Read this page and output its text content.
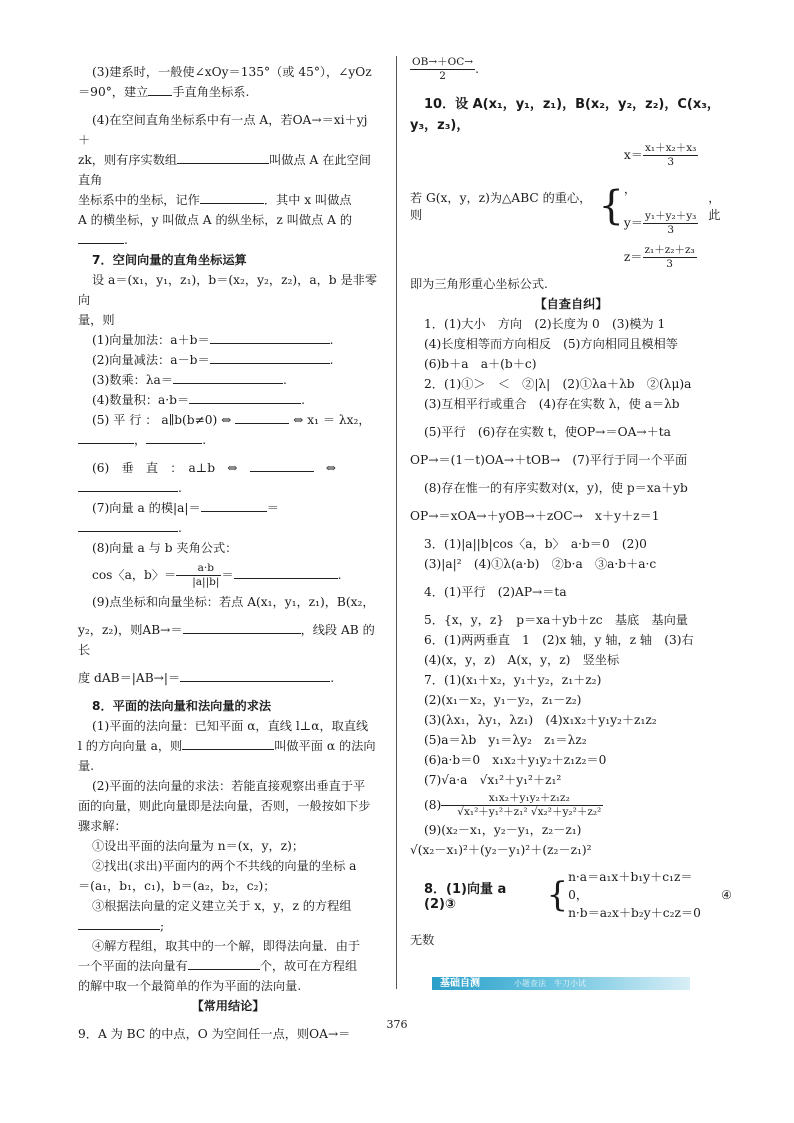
(3)建系时，一般使∠xOy＝135°（或 45°），∠yOz

＝90°，建立 手直角坐标系.

(4)在空间直角坐标系中有一点 A，若OA→＝xi＋yj＋

zk，则有序实数组	叫做点 A 在此空间直角

坐标系中的坐标，记作	．其中 x 叫做点

A 的横坐标，y 叫做点 A 的纵坐标，z 叫做点 A 的

.

7．空间向量的直角坐标运算

设 a＝(x₁，y₁，z₁)，b＝(x₂，y₂，z₂)，a，b 是非零向

量，则

(1)向量加法：a＋b＝	.

(2)向量减法：a－b＝	.

(3)数乘：λa＝	.

(4)数量积：a·b＝	.

(5) 平 行 ： a∥b(b≠0) ⇔	⇔ x₁ ＝ λx₂，

，	.

(6)　垂　直　：　a⊥b　⇔　　	⇔

.

(7)向量 a 的模|a|＝	＝.

(8)向量 a 与 b 夹角公式：

cos〈a，b〉＝ $\frac{a\cdot b}{|a||b|}$ ＝	.

(9)点坐标和向量坐标：若点 A(x₁，y₁，z₁)，B(x₂，

y₂，z₂)，则AB→＝	，线段 AB 的长

度 dAB＝|AB→|＝	.

8．平面的法向量和法向量的求法

(1)平面的法向量：已知平面 α，直线 l⊥α，取直线

l 的方向向量 a，则	叫做平面 α 的法向

量.

(2)平面的法向量的求法：若能直接观察出垂直于平

面的向量，则此向量即是法向量，否则，一般按如下步

骤求解：

①设出平面的法向量为 n＝(x，y，z)；

②找出(求出)平面内的两个不共线的向量的坐标 a

＝(a₁，b₁，c₁)，b＝(a₂，b₂，c₂)；

③根据法向量的定义建立关于 x，y，z 的方程组

;

④解方程组，取其中的一个解，即得法向量．由于

一个平面的法向量有	个，故可在方程组

的解中取一个最简单的作为平面的法向量.

【常用结论】

9．A 为 BC 的中点，O 为空间任一点，则OA→＝

$\frac{OB\to+OC\to}{2}$ .

10．设 A(x₁，y₁，z₁)，B(x₂，y₂，z₂)，C(x₃，y₃，z₃)，

若 G(x，y，z)为△ABC 的重心，则	{
$x= \frac{\text{x₁＋x₂＋x₃}}{3}$
，
$y= \frac{\text{y₁＋y₂＋y₃}}{3}$
$z= \frac{\text{z₁＋z₂＋z₃}}{3}$
，此

即为三角形重心坐标公式.

【自查自纠】

1．(1)大小　方向　(2)长度为 0　(3)模为 1

(4)长度相等而方向相反　(5)方向相同且模相等

(6)b＋a　a＋(b＋c)

2．(1)①＞　＜　②|λ|　(2)①λa＋λb　②(λμ)a

(3)互相平行或重合　(4)存在实数 λ，使 a＝λb

(5)平行　(6)存在实数 t，使OP→＝OA→＋ta

OP→＝(1－t)OA→＋tOB→　(7)平行于同一个平面

(8)存在惟一的有序实数对(x，y)，使 p＝xa＋yb

OP→＝xOA→＋yOB→＋zOC→　x＋y＋z＝1

3．(1)|a||b|cos〈a，b〉　a·b＝0　(2)0

(3)|a|²　(4)①λ(a·b)　②b·a　③a·b＋a·c

4．(1)平行　(2)AP→＝ta

5．{x，y，z}　p＝xa＋yb＋zc　基底　基向量

6．(1)两两垂直　1　(2)x 轴，y 轴，z 轴　(3)右

(4)(x，y，z)　A(x，y，z)　竖坐标

7．(1)(x₁＋x₂，y₁＋y₂，z₁＋z₂)

(2)(x₁－x₂，y₁－y₂，z₁－z₂)

(3)(λx₁，λy₁，λz₁)　(4)x₁x₂＋y₁y₂＋z₁z₂

(5)a＝λb　y₁＝λy₂　z₁＝λz₂

(6)a·b＝0　x₁x₂＋y₁y₂＋z₁z₂＝0

(7)√a·a　√x₁²＋y₁²＋z₁²

$(8) \frac{\text{x₁x₂＋y₁y₂＋z₁z₂}}{\text{√x₁²＋y₁²＋z₁² √x₂²＋y₂²＋z₂²}}$

(9)(x₂－x₁，y₂－y₁，z₂－z₁)

√(x₂－x₁)²＋(y₂－y₁)²＋(z₂－z₁)²

8．(1)向量 a　(2)③	{ n·a＝a₁x＋b₁y＋c₁z＝0，
n·b＝a₂x＋b₂y＋c₂z＝0
④

无数

基础自测	小题查法　牛刀小试
376
